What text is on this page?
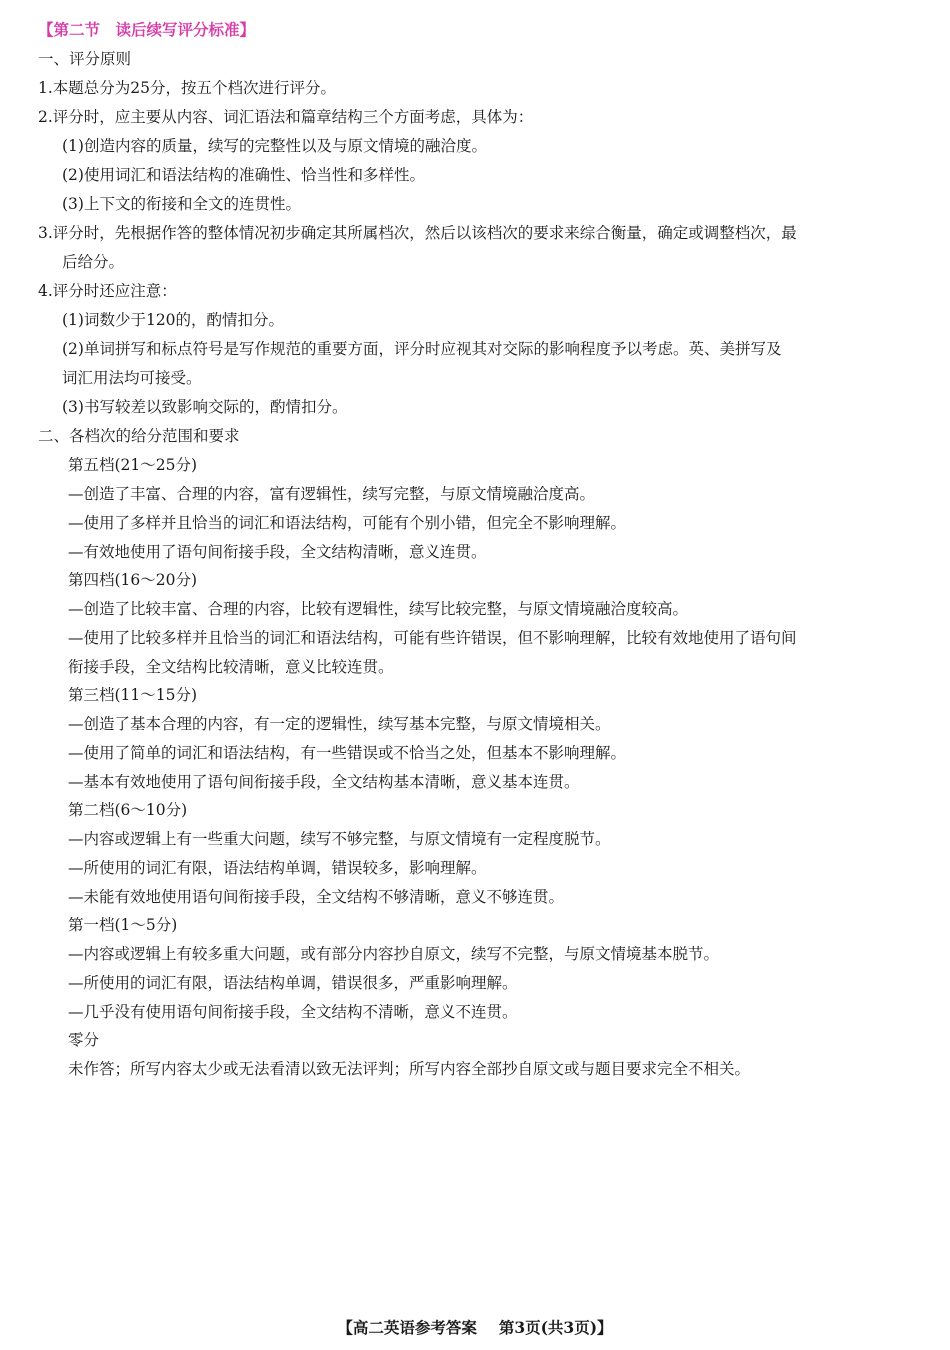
【第二节　读后续写评分标准】
一、评分原则
1.本题总分为25分，按五个档次进行评分。
2.评分时，应主要从内容、词汇语法和篇章结构三个方面考虑，具体为：
(1)创造内容的质量，续写的完整性以及与原文情境的融洽度。
(2)使用词汇和语法结构的准确性、恰当性和多样性。
(3)上下文的衔接和全文的连贯性。
3.评分时，先根据作答的整体情况初步确定其所属档次，然后以该档次的要求来综合衡量，确定或调整档次，最
后给分。
4.评分时还应注意：
(1)词数少于120的，酌情扣分。
(2)单词拼写和标点符号是写作规范的重要方面，评分时应视其对交际的影响程度予以考虑。英、美拼写及
词汇用法均可接受。
(3)书写较差以致影响交际的，酌情扣分。
二、各档次的给分范围和要求
第五档(21～25分)
—创造了丰富、合理的内容，富有逻辑性，续写完整，与原文情境融洽度高。
—使用了多样并且恰当的词汇和语法结构，可能有个别小错，但完全不影响理解。
—有效地使用了语句间衔接手段，全文结构清晰，意义连贯。
第四档(16～20分)
—创造了比较丰富、合理的内容，比较有逻辑性，续写比较完整，与原文情境融洽度较高。
—使用了比较多样并且恰当的词汇和语法结构，可能有些许错误，但不影响理解，比较有效地使用了语句间
衔接手段，全文结构比较清晰，意义比较连贯。
第三档(11～15分)
—创造了基本合理的内容，有一定的逻辑性，续写基本完整，与原文情境相关。
—使用了简单的词汇和语法结构，有一些错误或不恰当之处，但基本不影响理解。
—基本有效地使用了语句间衔接手段，全文结构基本清晰，意义基本连贯。
第二档(6～10分)
—内容或逻辑上有一些重大问题，续写不够完整，与原文情境有一定程度脱节。
—所使用的词汇有限，语法结构单调，错误较多，影响理解。
—未能有效地使用语句间衔接手段，全文结构不够清晰，意义不够连贯。
第一档(1～5分)
—内容或逻辑上有较多重大问题，或有部分内容抄自原文，续写不完整，与原文情境基本脱节。
—所使用的词汇有限，语法结构单调，错误很多，严重影响理解。
—几乎没有使用语句间衔接手段，全文结构不清晰，意义不连贯。
零分
未作答；所写内容太少或无法看清以致无法评判；所写内容全部抄自原文或与题目要求完全不相关。
【高二英语参考答案 第3页(共3页)】
